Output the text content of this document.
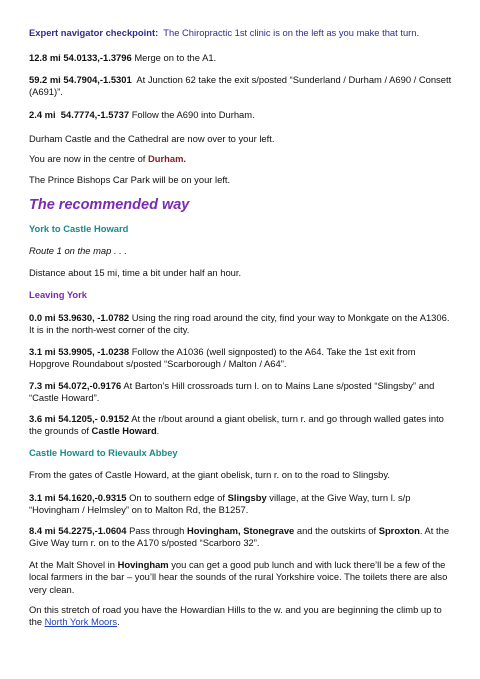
Expert navigator checkpoint: The Chiropractic 1st clinic is on the left as you make that turn.
12.8 mi 54.0133,-1.3796 Merge on to the A1.
59.2 mi 54.7904,-1.5301 At Junction 62 take the exit s/posted “Sunderland / Durham / A690 / Consett (A691)”.
2.4 mi 54.7774,-1.5737 Follow the A690 into Durham.
Durham Castle and the Cathedral are now over to your left.
You are now in the centre of Durham.
The Prince Bishops Car Park will be on your left.
The recommended way
York to Castle Howard
Route 1 on the map . . .
Distance about 15 mi, time a bit under half an hour.
Leaving York
0.0 mi 53.9630, -1.0782 Using the ring road around the city, find your way to Monkgate on the A1306. It is in the north-west corner of the city.
3.1 mi 53.9905, -1.0238 Follow the A1036 (well signposted) to the A64. Take the 1st exit from Hopgrove Roundabout s/posted “Scarborough / Malton / A64”.
7.3 mi 54.072,-0.9176 At Barton’s Hill crossroads turn l. on to Mains Lane s/posted “Slingsby” and “Castle Howard”.
3.6 mi 54.1205,- 0.9152 At the r/bout around a giant obelisk, turn r. and go through walled gates into the grounds of Castle Howard.
Castle Howard to Rievaulx Abbey
From the gates of Castle Howard, at the giant obelisk, turn r. on to the road to Slingsby.
3.1 mi 54.1620,-0.9315 On to southern edge of Slingsby village, at the Give Way, turn l. s/p “Hovingham / Helmsley” on to Malton Rd, the B1257.
8.4 mi 54.2275,-1.0604 Pass through Hovingham, Stonegrave and the outskirts of Sproxton. At the Give Way turn r. on to the A170 s/posted “Scarboro 32”.
At the Malt Shovel in Hovingham you can get a good pub lunch and with luck there’ll be a few of the local farmers in the bar – you’ll hear the sounds of the rural Yorkshire voice. The toilets there are also very clean.
On this stretch of road you have the Howardian Hills to the w. and you are beginning the climb up to the North York Moors.
